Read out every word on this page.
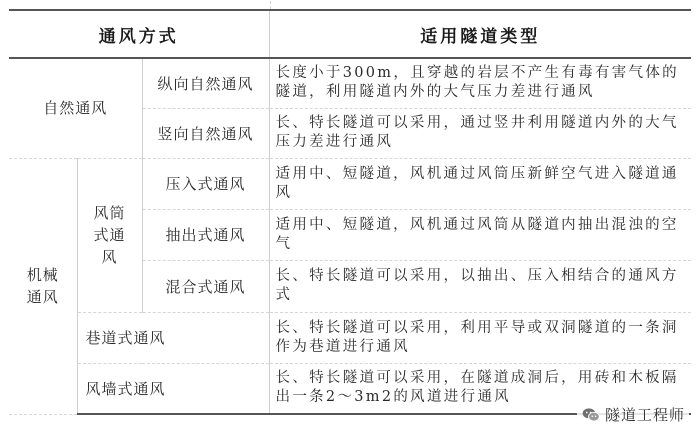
通风方式			适用隧道类型
自然通风		纵向自然通风	长度小于300m，且穿越的岩层不产生有毒有害气体的隧道，利用隧道内外的大气压力差进行通风
		竖向自然通风	长、特长隧道可以采用，通过竖井利用隧道内外的大气压力差进行通风
机械通风	风筒式通风	压入式通风	适用中、短隧道，风机通过风筒压新鲜空气进入隧道通风
		抽出式通风	适用中、短隧道，风机通过风筒从隧道内抽出混浊的空气
		混合式通风	长、特长隧道可以采用，以抽出、压入相结合的通风方式
	巷道式通风		长、特长隧道可以采用，利用平导或双洞隧道的一条洞作为巷道进行通风
	风墙式通风		长、特长隧道可以采用，在隧道成洞后，用砖和木板隔出一条2～3m2的风道进行通风
隧道工程师
